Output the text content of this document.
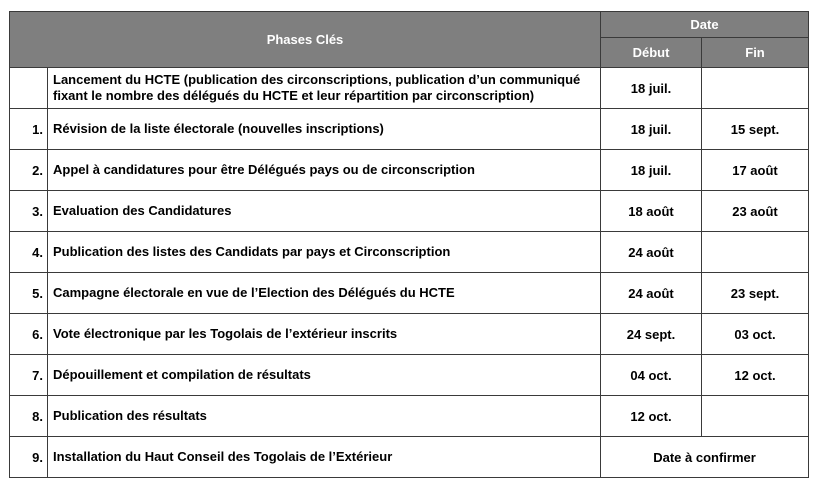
Phases Clés		Date	
		Début	Fin
	Lancement du HCTE (publication des circonscriptions, publication d’un communiqué fixant le nombre des délégués du HCTE et leur répartition par circonscription)	18 juil.	
1.	Révision de la liste électorale (nouvelles inscriptions)	18 juil.	15 sept.
2.	Appel à candidatures pour être Délégués pays ou de circonscription	18 juil.	17 août
3.	Evaluation des Candidatures	18 août	23 août
4.	Publication des listes des Candidats par pays et Circonscription	24 août	
5.	Campagne électorale en vue de l’Election des Délégués du HCTE	24 août	23 sept.
6.	Vote électronique par les Togolais de l’extérieur inscrits	24 sept.	03 oct.
7.	Dépouillement et compilation de résultats	04 oct.	12 oct.
8.	Publication des résultats	12 oct.	
9.	Installation du Haut Conseil des Togolais de l’Extérieur	Date à confirmer	
